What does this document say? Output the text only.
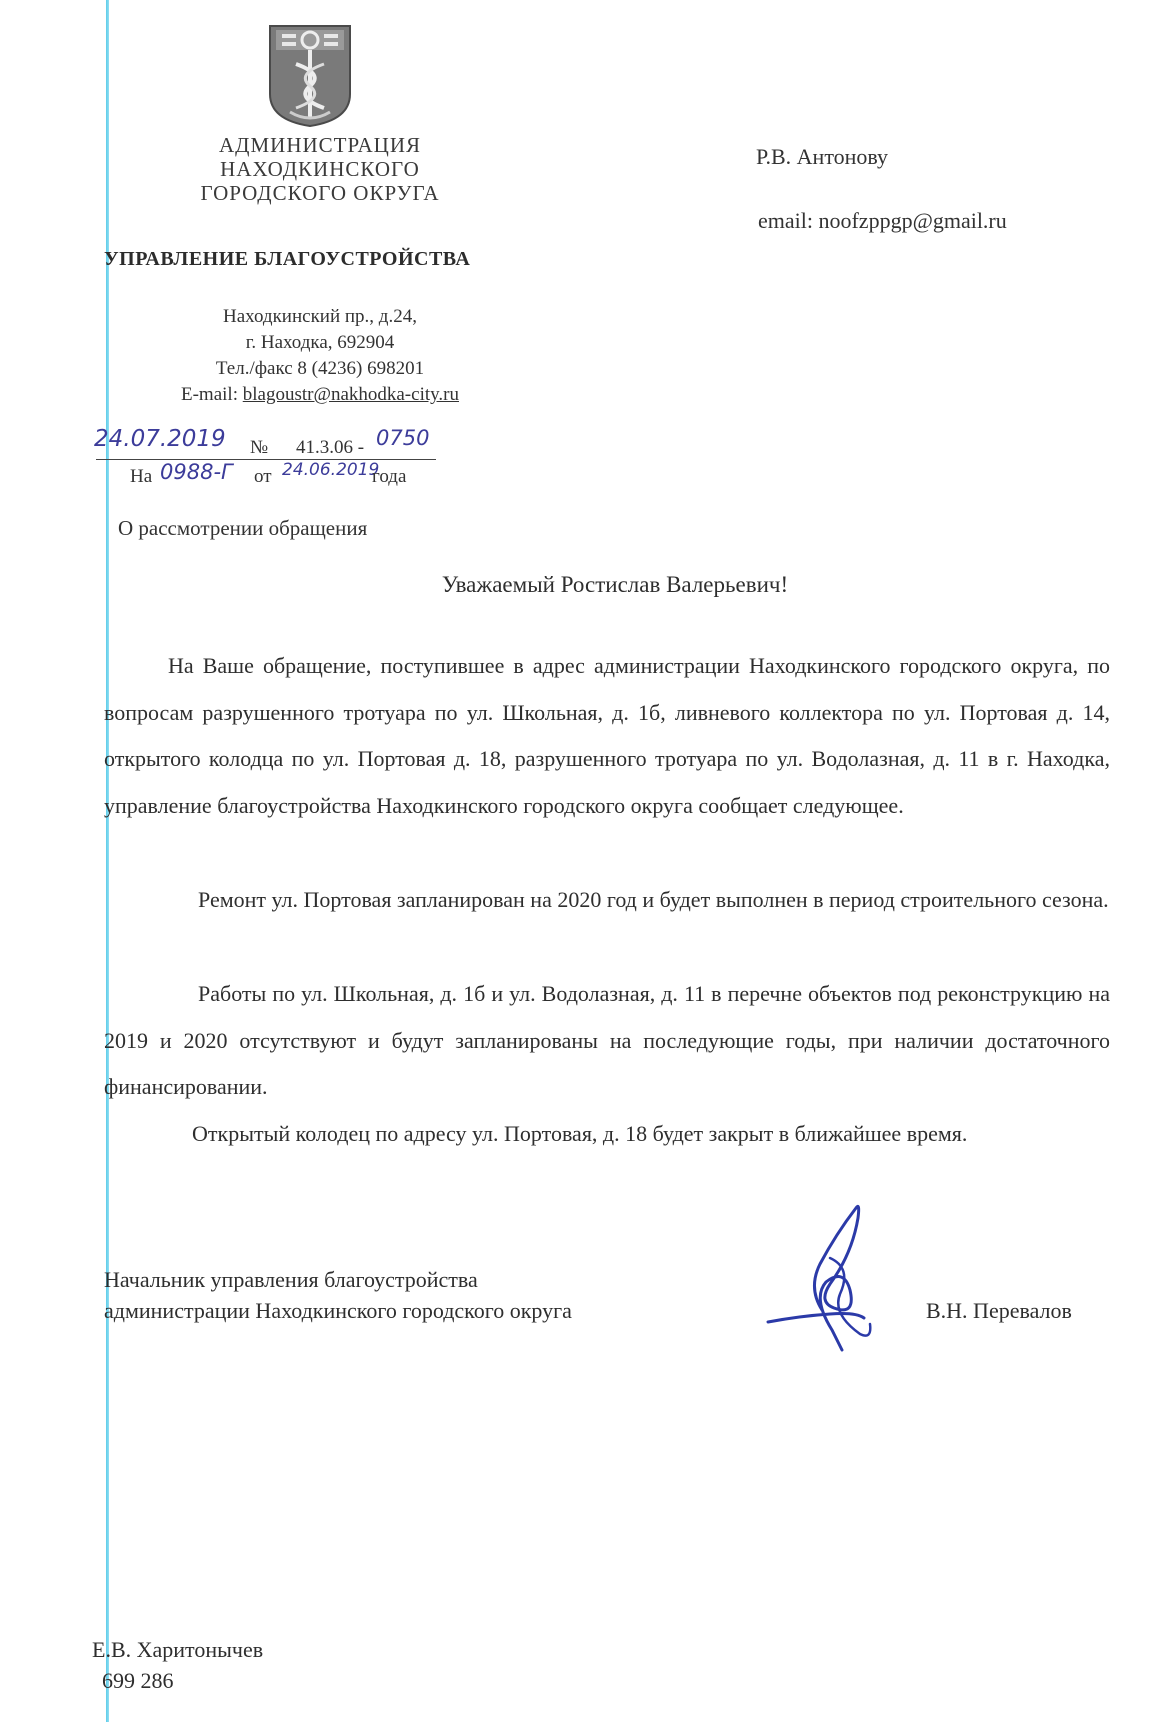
АДМИНИСТРАЦИЯ
НАХОДКИНСКОГО
ГОРОДСКОГО ОКРУГА
УПРАВЛЕНИЕ БЛАГОУСТРОЙСТВА
Находкинский пр., д.24,
г. Находка, 692904
Тел./факс 8 (4236) 698201
E-mail: blagoustr@nakhodka-city.ru
Р.В. Антонову
email: noofzppgp@gmail.ru
24.07.2019 № 41.3.06 - 0750
На 0988-Г от 24.06.2019
года
О рассмотрении обращения
Уважаемый Ростислав Валерьевич!
На Ваше обращение, поступившее в адрес администрации Находкинского городского округа, по вопросам разрушенного тротуара по ул. Школьная, д. 1б, ливневого коллектора по ул. Портовая д. 14, открытого колодца по ул. Портовая д. 18, разрушенного тротуара по ул. Водолазная, д. 11 в г. Находка, управление благоустройства Находкинского городского округа сообщает следующее.
Ремонт ул. Портовая запланирован на 2020 год и будет выполнен в период строительного сезона.
Работы по ул. Школьная, д. 1б и ул. Водолазная, д. 11 в перечне объектов под реконструкцию на 2019 и 2020 отсутствуют и будут запланированы на последующие годы, при наличии достаточного финансировании.
Открытый колодец по адресу ул. Портовая, д. 18 будет закрыт в ближайшее время.
Начальник управления благоустройства
администрации Находкинского городского округа	В.Н. Перевалов
Е.В. Харитонычев
699 286
